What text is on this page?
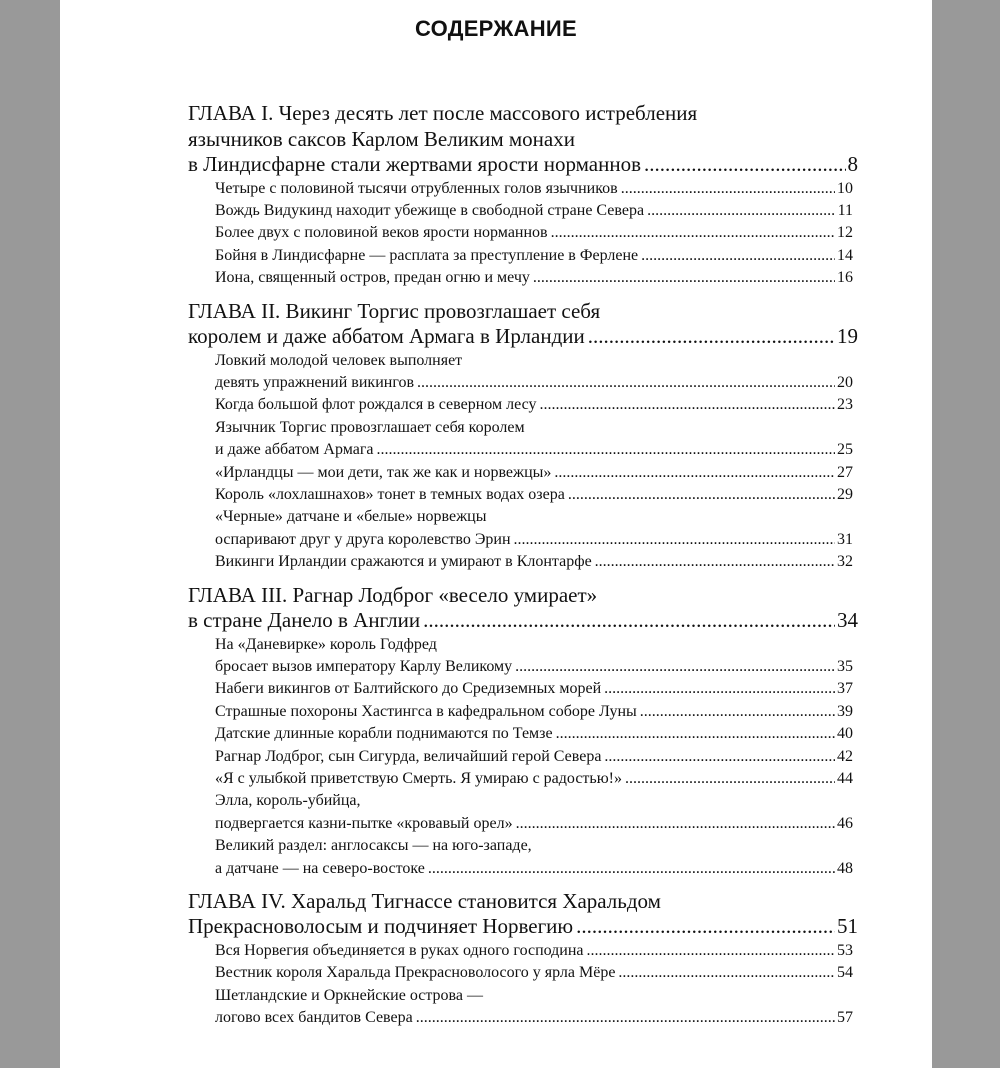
СОДЕРЖАНИЕ
ГЛАВА I. Через десять лет после массового истребления
язычников саксов Карлом Великим монахи
в Линдисфарне стали жертвами ярости норманнов .....	8
Четыре с половиной тысячи отрубленных голов язычников .....	10
Вождь Видукинд находит убежище в свободной стране Севера .....	11
Более двух с половиной веков ярости норманнов .....	12
Бойня в Линдисфарне — расплата за преступление в Ферлене .....	14
Иона, священный остров, предан огню и мечу .....	16
ГЛАВА II. Викинг Торгис провозглашает себя
королем и даже аббатом Армага в Ирландии .....	19
Ловкий молодой человек выполняет
девять упражнений викингов .....	20
Когда большой флот рождался в северном лесу .....	23
Язычник Торгис провозглашает себя королем
и даже аббатом Армага .....	25
«Ирландцы — мои дети, так же как и норвежцы» .....	27
Король «лохлашнахов» тонет в темных водах озера .....	29
«Черные» датчане и «белые» норвежцы
оспаривают друг у друга королевство Эрин .....	31
Викинги Ирландии сражаются и умирают в Клонтарфе .....	32
ГЛАВА III. Рагнар Лодброг «весело умирает»
в стране Данело в Англии .....	34
На «Даневирке» король Годфред
бросает вызов императору Карлу Великому .....	35
Набеги викингов от Балтийского до Средиземных морей .....	37
Страшные похороны Хастингса в кафедральном соборе Луны .....	39
Датские длинные корабли поднимаются по Темзе .....	40
Рагнар Лодброг, сын Сигурда, величайший герой Севера .....	42
«Я с улыбкой приветствую Смерть. Я умираю с радостью!» .....	44
Элла, король-убийца,
подвергается казни-пытке «кровавый орел» .....	46
Великий раздел: англосаксы — на юго-западе,
а датчане — на северо-востоке .....	48
ГЛАВА IV. Харальд Тигнассе становится Харальдом
Прекрасноволосым и подчиняет Норвегию .....	51
Вся Норвегия объединяется в руках одного господина .....	53
Вестник короля Харальда Прекрасноволосого у ярла Мёре .....	54
Шетландские и Оркнейские острова —
логово всех бандитов Севера .....	57
